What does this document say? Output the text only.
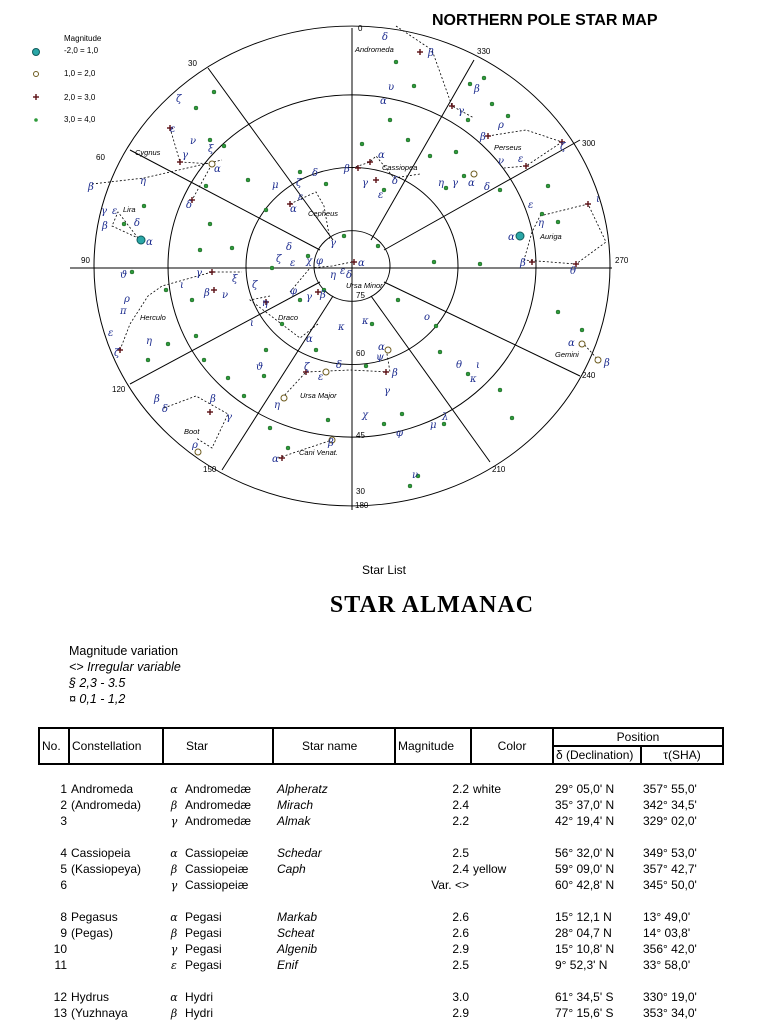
0
330
300
270
240
210
180
150
120
90
60
30
75
60
45
30
Andromeda
Cassiopea
Perseus
Cygnus
Lira	Cepheus
Auriga
Ursa Minor
Herculo	Draco
Gemini
Ursa Major
Boot
Cani Venat.
δ
β
υ
α
γ
β
α
β
γ δ
ε
η γ α δ
ρ
β
ν ε
ζ
ζ
ε
ν
γ
ξ
α
δ
η
β
γ
β
ε
δ
α
μ
α
δ
ζ
ε
γ
δ
ζ ε χ φ
η ε δ
α
ε
η
α
β
θ
ι
ϑ	γ
β
ξ
ν
ι
ρ
π
ε
ζ
η
ζ
η
ι
γ β
φ
κ
κ
α
ο
α
ψ
β
γ
δ
ε
ζ
η
ϑ
χ
φ
μ
λ
θ ι
κ
α
β
β
δ
γ
β
ρ
α
β
ν
Magnitude
-2,0 = 1,0
1,0 = 2,0
2,0 = 3,0
3,0 = 4,0
NORTHERN POLE STAR MAP
Star List
STAR ALMANAC
Magnitude variation
<> Irregular variable
§ 2,3 - 3.5
¤ 0,1 - 1,2
No.	Constellation	Star	Star name	Magnitude	Color	Position	
						δ (Declination)	τ(SHA)

1	Andromeda	α Andromedæ	Alpheratz	2.2	white	29° 05,0' N	357° 55,0'
2	(Andromeda)	β Andromedæ	Mirach	2.4		35° 37,0' N	342° 34,5'
3		γ Andromedæ	Almak	2.2		42° 19,4' N	329° 02,0'

4	Cassiopeia	α Cassiopeiæ	Schedar	2.5		56° 32,0' N	349° 53,0'
5	(Kassiopeya)	β Cassiopeiæ	Caph	2.4	yellow	59° 09,0' N	357° 42,7'
6		γ Cassiopeiæ		Var. <>		60° 42,8' N	345° 50,0'

8	Pegasus	α Pegasi	Markab	2.6		15° 12,1 N	13° 49,0'
9	(Pegas)	β Pegasi	Scheat	2.6		28° 04,7 N	14° 03,8'
10		γ Pegasi	Algenib	2.9		15° 10,8' N	356° 42,0'
11		ε Pegasi	Enif	2.5		9° 52,3' N	33° 58,0'

12	Hydrus	α Hydri		3.0		61° 34,5' S	330° 19,0'
13	(Yuzhnaya	β Hydri		2.9		77° 15,6' S	353° 34,0'
